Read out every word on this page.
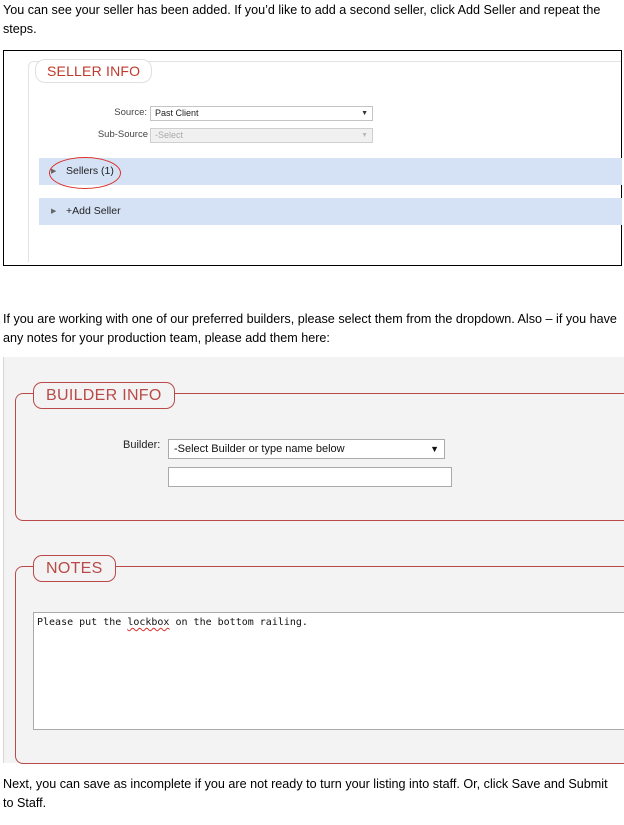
You can see your seller has been added. If you’d like to add a second seller, click Add Seller and repeat the steps.
SELLER INFO
Source: Past Client	▼
Sub-Source -Select	▼
▶ Sellers (1)
▶ +Add Seller
If you are working with one of our preferred builders, please select them from the dropdown. Also – if you have any notes for your production team, please add them here:
BUILDER INFO
Builder:	-Select Builder or type name below	▼
NOTES
Please put the lockbox on the bottom railing.
Next, you can save as incomplete if you are not ready to turn your listing into staff. Or, click Save and Submit to Staff.
